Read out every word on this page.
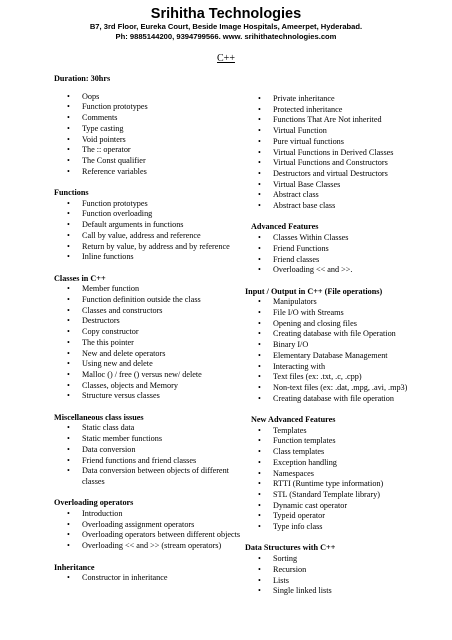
Srihitha Technologies
B7, 3rd Floor, Eureka Court, Beside Image Hospitals, Ameerpet, Hyderabad.
Ph: 9885144200, 9394799566. www. srihithatechnologies.com
C++

Duration: 30hrs

• Oops
• Function prototypes
• Comments
• Type casting
• Void pointers
• The :: operator
• The Const qualifier
• Reference variables

Functions

• Function prototypes
• Function overloading
• Default arguments in functions
• Call by value, address and reference
• Return by value, by address and by reference
• Inline functions

Classes in C++

• Member function
• Function definition outside the class
• Classes and constructors
• Destructors
• Copy constructor
• The this pointer
• New and delete operators
• Using new and delete
• Malloc () / free () versus new/ delete
• Classes, objects and Memory
• Structure versus classes

Miscellaneous class issues

• Static class data
• Static member functions
• Data conversion
• Friend functions and friend classes
• Data conversion between objects of different classes

Overloading operators

• Introduction
• Overloading assignment operators
• Overloading operators between different objects
• Overloading << and >> (stream operators)

Inheritance

• Constructor in inheritance
• Private inheritance
• Protected inheritance
• Functions That Are Not inherited
• Virtual Function
• Pure virtual functions
• Virtual Functions in Derived Classes
• Virtual Functions and Constructors
• Destructors and virtual Destructors
• Virtual Base Classes
• Abstract class
• Abstract base class

Advanced Features

• Classes Within Classes
• Friend Functions
• Friend classes
• Overloading << and >>.

Input / Output in C++ (File operations)

• Manipulators
• File I/O with Streams
• Opening and closing files
• Creating database with file Operation
• Binary I/O
• Elementary Database Management
• Interacting with
• Text files (ex: .txt, .c, .cpp)
• Non-text files (ex: .dat, .mpg, .avi, .mp3)
• Creating database with file operation

New Advanced Features

• Templates
• Function templates
• Class templates
• Exception handling
• Namespaces
• RTTI (Runtime type information)
• STL (Standard Template library)
• Dynamic cast operator
• Typeid operator
• Type info class

Data Structures with C++

• Sorting
• Recursion
• Lists
• Single linked lists
